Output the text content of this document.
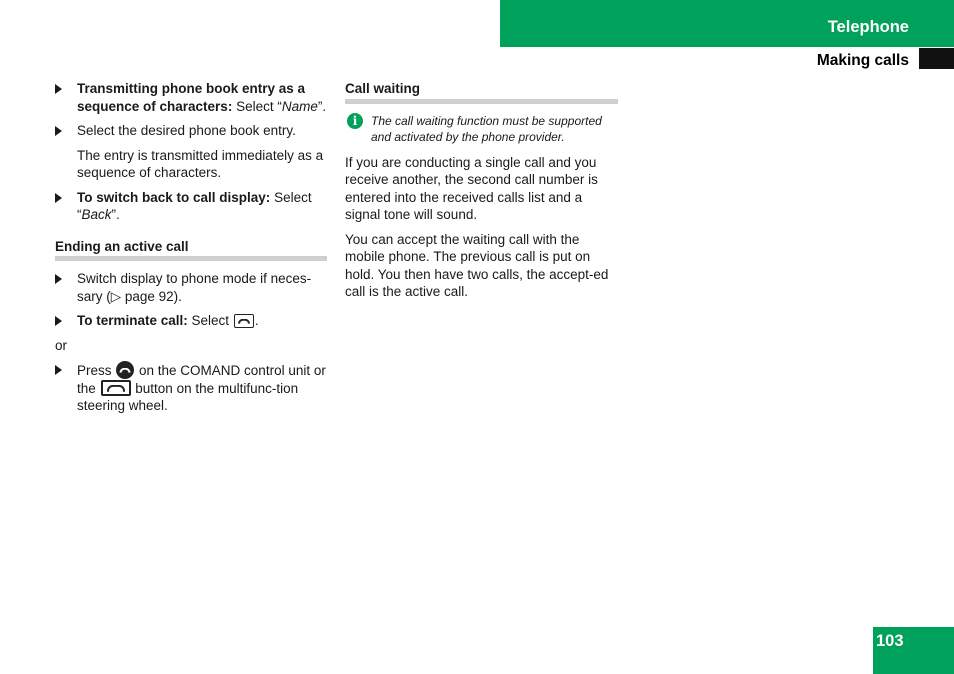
Telephone
Making calls
Transmitting phone book entry as a sequence of characters: Select “Name”.
Select the desired phone book entry.
The entry is transmitted immediately as a sequence of characters.
To switch back to call display: Select “Back”.
Ending an active call
Switch display to phone mode if neces-sary (▷ page 92).
To terminate call: Select
.
or
Press
on the COMAND control unit or the
button on the multifunc-tion steering wheel.
Call waiting
i	The call waiting function must be supported and activated by the phone provider.
If you are conducting a single call and you receive another, the second call number is entered into the received calls list and a signal tone will sound.
You can accept the waiting call with the mobile phone. The previous call is put on hold. You then have two calls, the accept-ed call is the active call.
103
